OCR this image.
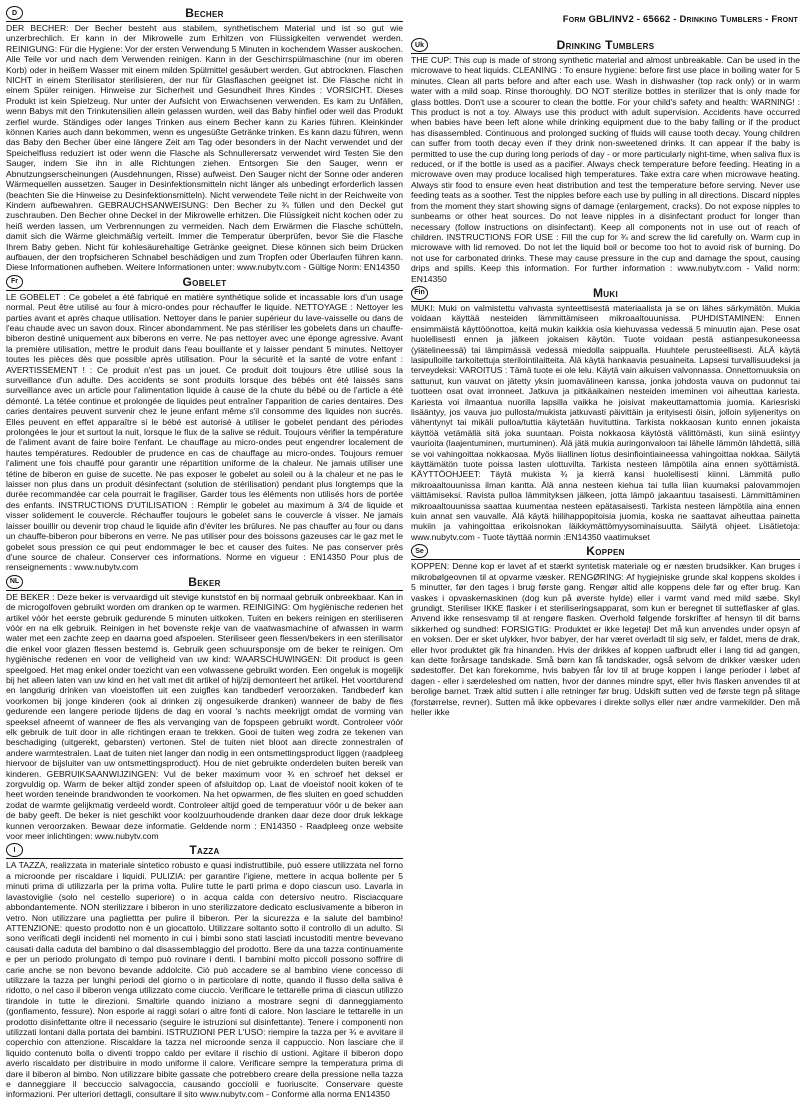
Form GBL/INV2 - 65662 - Drinking Tumblers - Front
D	Becher

DER BECHER: Der Becher besteht aus stabilem, synthetischem Material und ist so gut wie unzerbrechlich. Er kann in der Mikrowelle zum Erhitzen von Flüssigkeiten verwendet werden. REINIGUNG: Für die Hygiene: Vor der ersten Verwendung 5 Minuten in kochendem Wasser auskochen. Alle Teile vor und nach dem Verwenden reinigen. Kann in der Geschirrspülmaschine (nur im oberen Korb) oder in heißem Wasser mit einem milden Spülmittel gesäubert werden. Gut abtrocknen. Flaschen NICHT in einem Sterilisator sterilisieren, der nur für Glasflaschen geeignet ist. Die Flasche nicht in einem Spüler reinigen. Hinweise zur Sicherheit und Gesundheit Ihres Kindes : VORSICHT. Dieses Produkt ist kein Spielzeug. Nur unter der Aufsicht von Erwachsenen verwenden. Es kam zu Unfällen, wenn Babys mit den Trinkutensilien allein gelassen wurden, weil das Baby hinfiel oder weil das Produkt zerfiel wurde. Ständiges oder langes Trinken aus einem Becher kann zu Karies führen. Kleinkinder können Karies auch dann bekommen, wenn es ungesüßte Getränke trinken. Es kann dazu führen, wenn das Baby den Becher über eine längere Zeit am Tag oder besonders in der Nacht verwendet und der Speichelfluss reduziert ist oder wenn die Flasche als Schnullerersatz verwendet wird Testen Sie den Sauger, indem Sie ihn in alle Richtungen ziehen. Entsorgen Sie den Sauger, wenn er Abnutzungserscheinungen (Ausdehnungen, Risse) aufweist. Den Sauger nicht der Sonne oder anderen Wärmequellen aussetzen. Sauger in Desinfektionsmitteln nicht länger als unbedingt erforderlich lassen (beachten Sie die Hinweise zu Desinfektionsmitteln). Nicht verwendete Teile nicht in der Reichweite von Kindern aufbewahren. GEBRAUCHSANWEISUNG: Den Becher zu ¾ füllen und den Deckel gut zuschrauben. Den Becher ohne Deckel in der Mikrowelle erhitzen. Die Flüssigkeit nicht kochen oder zu heiß werden lassen, um Verbrennungen zu vermeiden. Nach dem Erwärmen die Flasche schütteln, damit sich die Wärme gleichmäßig verteilt. Immer die Temperatur überprüfen, bevor Sie die Flasche Ihrem Baby geben. Nicht für kohlesäurehaltige Getränke geeignet. Diese können sich beim Drücken aufbauen, der den tropfsicheren Schnabel beschädigen und zum Tropfen oder Überlaufen führen kann. Diese Informationen aufheben. Weitere Informationen unter: www.nubytv.com - Gültige Norm: EN14350

Fr	Gobelet

LE GOBELET : Ce gobelet a été fabriqué en matière synthétique solide et incassable lors d'un usage normal. Peut être utilisé au four à micro-ondes pour réchauffer le liquide. NETTOYAGE : Nettoyer les parties avant et après chaque utilisation. Nettoyer dans le panier supérieur du lave-vaisselle ou dans de l'eau chaude avec un savon doux. Rincer abondamment. Ne pas stériliser les gobelets dans un chauffe-biberon destiné uniquement aux biberons en verre. Ne pas nettoyer avec une éponge agressive. Avant la première utilisation, mettre le produit dans l'eau bouillante et y laisser pendant 5 minutes. Nettoyer toutes les pièces dès que possible après utilisation. Pour la sécurité et la santé de votre enfant : AVERTISSEMENT ! : Ce produit n'est pas un jouet. Ce produit doit toujours être utilisé sous la surveillance d'un adulte. Des accidents se sont produits lorsque des bébés ont été laissés sans surveillance avec un article pour l'alimentation liquide à cause de la chute du bébé ou de l'article a été démonté. La tétée continue et prolongée de liquides peut entraîner l'apparition de caries dentaires. Des caries dentaires peuvent survenir chez le jeune enfant même s'il consomme des liquides non sucrés. Elles peuvent en effet apparaître si le bébé est autorisé à utiliser le gobelet pendant des périodes prolongées le jour et surtout la nuit, lorsque le flux de la salive se réduit. Toujours vérifier la température de l'aliment avant de faire boire l'enfant. Le chauffage au micro-ondes peut engendrer localement de hautes températures. Redoubler de prudence en cas de chauffage au micro-ondes. Toujours remuer l'aliment une fois chauffé pour garantir une répartition uniforme de la chaleur. Ne jamais utiliser une tétine de biberon en guise de sucette. Ne pas exposer le gobelet au soleil ou à la chaleur et ne pas le laisser non plus dans un produit désinfectant (solution de stérilisation) pendant plus longtemps que la durée recommandée car cela pourrait le fragiliser. Garder tous les éléments non utilisés hors de portée des enfants. INSTRUCTIONS D'UTILISATION : Remplir le gobelet au maximum à 3/4 de liquide et visser solidement le couvercle. Réchauffer toujours le gobelet sans le couvercle à visser. Ne jamais laisser bouillir ou devenir trop chaud le liquide afin d'éviter les brûlures. Ne pas chauffer au four ou dans un chauffe-biberon pour biberons en verre. Ne pas utiliser pour des boissons gazeuses car le gaz met le gobelet sous pression ce qui peut endommager le bec et causer des fuites. Ne pas conserver près d'une source de chaleur. Conserver ces informations. Norme en vigueur : EN14350 Pour plus de renseignements : www.nubytv.com

NL	Beker

DE BEKER : Deze beker is vervaardigd uit stevige kunststof en bij normaal gebruik onbreekbaar. Kan in de microgolfoven gebruikt worden om dranken op te warmen. REINIGING: Om hygiënische redenen het artikel vóór het eerste gebruik gedurende 5 minuten uitkoken. Tuiten en bekers reinigen en steriliseren vóór en na elk gebruik. Reinigen in het bovenste rekje van de vaatwasmachine of afwassen in warm water met een zachte zeep en daarna goed afspoelen. Steriliseer geen flessen/bekers in een sterilisator die enkel voor glazen flessen bestemd is. Gebruik geen schuursponsje om de beker te reinigen. Om hygiënische redenen en voor de veiligheid van uw kind: WAARSCHUWINGEN: Dit product is geen speelgoed. Het mag enkel onder toezicht van een volwassene gebruikt worden. Een ongeluk is mogelijk bij het alleen laten van uw kind en het valt met dit artikel of hij/zij demonteert het artikel. Het voortdurend en langdurig drinken van vloeistoffen uit een zuigfles kan tandbederf veroorzaken. Tandbederf kan voorkomen bij jonge kinderen (ook al drinken zij ongesuikerde dranken) wanneer de baby de fles gedurende een langere periode tijdens de dag en vooral 's nachts meekrijgt omdat de vorming van speeksel afneemt of wanneer de fles als vervanging van de fopspeen gebruikt wordt. Controleer vóór elk gebruik de tuit door in alle richtingen eraan te trekken. Gooi de tuiten weg zodra ze tekenen van beschadiging (uitgerekt, gebarsten) vertonen. Stel de tuiten niet bloot aan directe zonnestralen of andere warmtestralen. Laat de tuiten niet langer dan nodig in een ontsmettingsproduct liggen (raadpleeg hiervoor de bijsluiter van uw ontsmettingsproduct). Hou de niet gebruikte onderdelen buiten bereik van kinderen. GEBRUIKSAANWIJZINGEN: Vul de beker maximum voor ¾ en schroef het deksel er zorgvuldig op. Warm de beker altijd zonder speen of afsluitdop op. Laat de vloeistof nooit koken of te heet worden teneinde brandwonden te voorkomen. Na het opwarmen, de fles sluiten en goed schudden zodat de warmte gelijkmatig verdeeld wordt. Controleer altijd goed de temperatuur vóór u de beker aan de baby geeft. De beker is niet geschikt voor koolzuurhoudende dranken daar deze door druk lekkage kunnen veroorzaken. Bewaar deze informatie. Geldende norm : EN14350 - Raadpleeg onze website voor meer inlichtingen: www.nubytv.com

I	Tazza

LA TAZZA, realizzata in materiale sintetico robusto e quasi indistruttibile, può essere utilizzata nel forno a microonde per riscaldare i liquidi. PULIZIA: per garantire l'igiene, mettere in acqua bollente per 5 minuti prima di utilizzarla per la prima volta. Pulire tutte le parti prima e dopo ciascun uso. Lavarla in lavastoviglie (solo nel cestello superiore) o in acqua calda con detersivo neutro. Risciacquare abbondantemente. NON sterilizzare i biberon in uno sterilizzatore dedicato esclusivamente a biberon in vetro. Non utilizzare una pagliettta per pulire il biberon. Per la sicurezza e la salute del bambino! ATTENZIONE: questo prodotto non è un giocattolo. Utilizzare soltanto sotto il controllo di un adulto. Si sono verificati degli incidenti nel momento in cui i bimbi sono stati lasciati incustoditi mentre bevevano causati dalla caduta del bambino o dal disassemblaggio del prodotto. Bere da una tazza continuamente e per un periodo prolungato di tempo può rovinare i denti. I bambini molto piccoli possono soffrire di carie anche se non bevono bevande addolcite. Ciò può accadere se al bambino viene concesso di utilizzare la tazza per lunghi periodi del giorno o in particolare di notte, quando il flusso della saliva è ridotto, o nel caso il biberon venga utilizzato come ciuccio. Verificare le tettarelle prima di ciascun utilizzo tirandole in tutte le direzioni. Smaltirle quando iniziano a mostrare segni di danneggiamento (gonfiamento, fessure). Non esporle ai raggi solari o altre fonti di calore. Non lasciare le tettarelle in un prodotto disinfettante oltre il necessario (seguire le istruzioni sul disinfettante). Tenere i componenti non utilizzati lontani dalla portata dei bambini. ISTRUZIONI PER L'USO: riempire la tazza per ¾ e avvitare il coperchio con attenzione. Riscaldare la tazza nel microonde senza il cappuccio. Non lasciare che il liquido contenuto bolla o diventi troppo caldo per evitare il rischio di ustioni. Agitare il biberon dopo averlo riscaldato per distribuire in modo uniforme il calore. Verificare sempre la temperatura prima di dare il biberon al bimbo. Non utilizzare bibite gassate che potrebbero creare della pressione nella tazza e danneggiare il beccuccio salvagoccia, causando gocciolii e fuoriuscite. Conservare queste informazioni. Per ulteriori dettagli, consultare il sito www.nubytv.com - Conforme alla norma EN14350

Uk	Drinking Tumblers

THE CUP: This cup is made of strong synthetic material and almost unbreakable. Can be used in the microwave to heat liquids. CLEANING : To ensure hygiene: before first use place in boiling water for 5 minutes. Clean all parts before and after each use. Wash in dishwasher (top rack only) or in warm water with a mild soap. Rinse thoroughly. DO NOT sterilize bottles in sterilizer that is only made for glass bottles. Don't use a scourer to clean the bottle. For your child's safety and health: WARNING! : This product is not a toy. Always use this product with adult supervision. Accidents have occurred when babies have been left alone while drinking equipment due to the baby falling or if the product has disassembled. Continuous and prolonged sucking of fluids will cause tooth decay. Young children can suffer from tooth decay even if they drink non-sweetened drinks. It can appear if the baby is permitted to use the cup during long periods of day - or more particularly night-time, when saliva flux is reduced, or if the bottle is used as a pacifier. Always check temperature before feeding. Heating in a microwave oven may produce localised high temperatures. Take extra care when microwave heating. Always stir food to ensure even heat distribution and test the temperature before serving. Never use feeding teats as a soother. Test the nipples before each use by pulling in all directions. Discard nipples from the moment they start showing signs of damage (enlargement, cracks). Do not expose nipples to sunbeams or other heat sources. Do not leave nipples in a disinfectant product for longer than necessary (follow instructions on disinfectant). Keep all components not in use out of reach of children. INSTRUCTIONS FOR USE : Fill the cup for ¾ and screw the lid carefully on. Warm cup in microwave with lid removed. Do not let the liquid boil or become too hot to avoid risk of burning. Do not use for carbonated drinks. These may cause pressure in the cup and damage the spout, causing drips and spills. Keep this information. For further information : www.nubytv.com - Valid norm: EN14350

Fin	Muki

MUKI: Muki on valmistettu vahvasta synteettisestä materiaalista ja se on lähes särkymätön. Mukia voidaan käyttää nesteiden lämmittämiseen mikroaaltouunissa. PUHDISTAMINEN: Ennen ensimmäistä käyttöönottoa, keitä mukin kaikkia osia kiehuvassa vedessä 5 minuutin ajan. Pese osat huolellisesti ennen ja jälkeen jokaisen käytön. Tuote voidaan pestä astianpesukoneessa (ylätelineessä) tai lämpimässä vedessä miedolla saippualla. Huuhtele perusteellisesti. ÄLÄ käytä lasipulloille tarkoitettuja sterilointilaitteita. Älä käytä hankaavia pesuaineita. Lapsesi turvallisuudeksi ja terveydeksi: VAROITUS : Tämä tuote ei ole lelu. Käytä vain aikuisen valvonnassa. Onnettomuuksia on sattunut, kun vauvat on jätetty yksin juomavälineen kanssa, jonka johdosta vauva on pudonnut tai tuotteen osat ovat irronneet. Jatkuva ja pitkäaikainen nesteiden imeminen voi aiheuttaa kariesta. Kariesta voi ilmaantua nuorilla lapsilla vaikka he joisivat makeuttamattomia juomia. Kariesriski lisääntyy, jos vauva juo pullosta/mukista jatkuvasti päivittäin ja erityisesti öisin, jolloin syljeneritys on vähentynyt tai mikäli pulloa/tuttia käytetään huvituttina. Tarkista nokkaosan kunto ennen jokaista käyttöä vetämällä sitä joka suuntaan. Poista nokkaosa käytöstä välittömästi, kun siinä esiintyy vaurioita (laajentuminen, murtuminen). Älä jätä mukia auringonvaloon tai lähelle lämmön lähdettä, sillä se voi vahingoittaa nokkaosaa. Myös liiallinen liotus desinfiointiaineessa vahingoittaa nokkaa. Säilytä käyttämätön tuote poissa lasten ulottuvilta. Tarkista nesteen lämpötila aina ennen syöttämistä. KÄYTTÖOHJEET: Täytä mukista ¾ ja kierrä kansi huolellisesti kiinni. Lämmitä pullo mikroaaltouunissa ilman kantta. Älä anna nesteen kiehua tai tulla liian kuumaksi palovammojen välttämiseksi. Ravista pulloa lämmityksen jälkeen, jotta lämpö jakaantuu tasaisesti. Lämmittäminen mikroaaltouunissa saattaa kuumentaa nesteen epätasaisesti. Tarkista nesteen lämpötila aina ennen kuin annat sen vauvalle. Älä käytä hiilihappopitoisia juomia, koska ne saattavat aiheuttaa painetta mukiin ja vahingoittaa erikoisnokan läikkymättömyysominaisuutta. Säilytä ohjeet. Lisätietoja: www.nubytv.com - Tuote täyttää normin :EN14350 vaatimukset

Se	Koppen

KOPPEN: Denne kop er lavet af et stærkt syntetisk materiale og er næsten brudsikker. Kan bruges i mikrobølgeovnen til at opvarme væsker. RENGØRING: Af hygiejniske grunde skal koppens skoldes i 5 minutter, før den tages i brug første gang. Rengør altid alle koppens dele før og efter brug. Kan vaskes i opvaskemaskinen (dog kun på øverste hylde) eller i varmt vand med mild sæbe. Skyl grundigt. Steriliser IKKE flasker i et steriliseringsapparat, som kun er beregnet til sutteflasker af glas. Anvend ikke rensesvamp til at rengøre flasken. Overhold følgende forskrifter af hensyn til dit barns sikkerhed og sundhed: FORSIGTIG: Produktet er ikke legetøj! Det må kun anvendes under opsyn af en voksen. Der er sket ulykker, hvor babyer, der har været overladt til sig selv, er faldet, mens de drak, eller hvor produktet gik fra hinanden. Hvis der drikkes af koppen uafbrudt eller i lang tid ad gangen, kan dette forårsage tandskade. Små børn kan få tandskader, også selvom de drikker væsker uden sødestoffer. Det kan forekomme, hvis babyen får lov til at bruge koppen i lange perioder i løbet af dagen - eller i særdeleshed om natten, hvor der dannes mindre spyt, eller hvis flasken anvendes til at berolige barnet. Træk altid sutten i alle retninger før brug. Udskift sutten ved de første tegn på slitage (forstørrelse, revner). Sutten må ikke opbevares i direkte sollys eller nær andre varmekilder. Den må heller ikke
